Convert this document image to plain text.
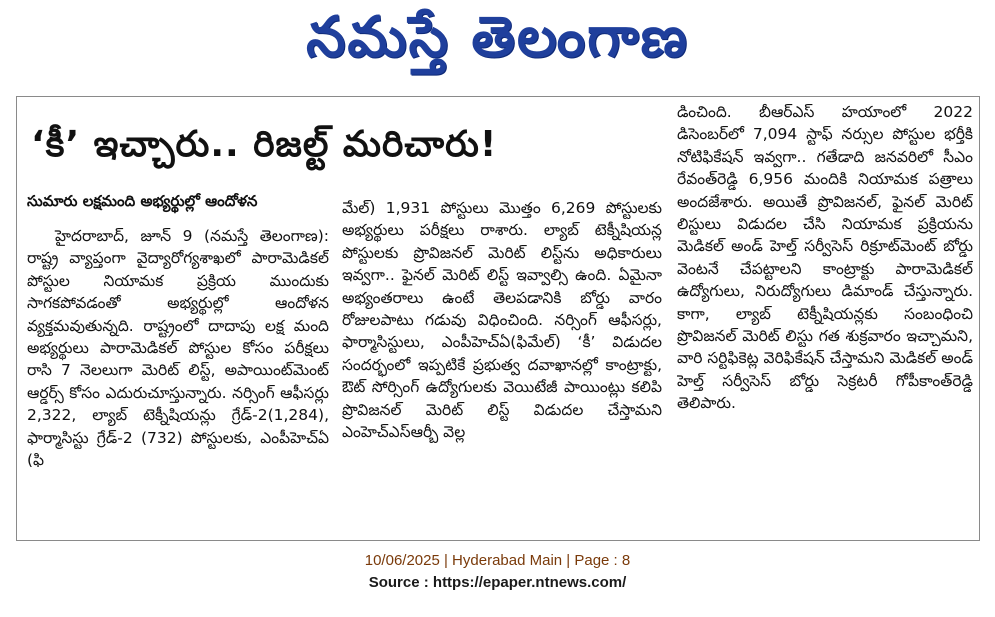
నమస్తే తెలంగాణ
‘కీ’ ఇచ్చారు.. రిజల్ట్ మరిచారు!
సుమారు లక్షమంది అభ్యర్థుల్లో ఆందోళన
హైదరాబాద్, జూన్ 9 (నమస్తే తెలంగాణ): రాష్ట్ర వ్యాప్తంగా వైద్యారోగ్యశాఖలో పారామెడికల్ పోస్టుల నియామక ప్రక్రియ ముందుకు సాగకపోవడంతో అభ్యర్థుల్లో ఆందోళన వ్యక్తమవుతున్నది. రాష్ట్రంలో దాదాపు లక్ష మంది అభ్యర్థులు పారామెడికల్ పోస్టుల కోసం పరీక్షలు రాసి 7 నెలలుగా మెరిట్ లిస్ట్, అపాయింట్‌మెంట్ ఆర్డర్స్ కోసం ఎదురుచూస్తున్నారు. నర్సింగ్ ఆఫీసర్లు 2,322, ల్యాబ్ టెక్నీషియన్లు గ్రేడ్-2(1,284), ఫార్మాసిస్టు గ్రేడ్-2 (732) పోస్టులకు, ఎంపీహెచ్‌ఏ (ఫి
మేల్) 1,931 పోస్టులు మొత్తం 6,269 పోస్టులకు అభ్యర్థులు పరీక్షలు రాశారు. ల్యాబ్ టెక్నీషియన్ల పోస్టులకు ప్రొవిజనల్ మెరిట్ లిస్ట్‌ను అధికారులు ఇవ్వగా.. ఫైనల్ మెరిట్ లిస్ట్ ఇవ్వాల్సి ఉంది. ఏమైనా అభ్యంతరాలు ఉంటే తెలపడానికి బోర్డు వారం రోజులపాటు గడువు విధించింది. నర్సింగ్ ఆఫీసర్లు, ఫార్మాసిస్టులు, ఎంపీహెచ్‌ఏ(ఫిమేల్) ‘కీ’ విడుదల సందర్భంలో ఇప్పటికే ప్రభుత్వ దవాఖానల్లో కాంట్రాక్టు, ఔట్ సోర్సింగ్ ఉద్యోగులకు వెయిటేజీ పాయింట్లు కలిపి ప్రొవిజనల్ మెరిట్ లిస్ట్ విడుదల చేస్తామని ఎంహెచ్ఎస్ఆర్బీ వెల్ల
డించింది. బీఆర్ఎస్ హయాంలో 2022 డిసెంబర్‌లో 7,094 స్టాఫ్ నర్సుల పోస్టుల భర్తీకి నోటిఫికేషన్ ఇవ్వగా.. గతేడాది జనవరిలో సీఎం రేవంత్‌రెడ్డి 6,956 మందికి నియామక పత్రాలు అందజేశారు. అయితే ప్రొవిజనల్, ఫైనల్ మెరిట్ లిస్టులు విడుదల చేసి నియామక ప్రక్రియను మెడికల్ అండ్ హెల్త్ సర్వీసెస్ రిక్రూట్‌మెంట్ బోర్డు వెంటనే చేపట్టాలని కాంట్రాక్టు పారామెడికల్ ఉద్యోగులు, నిరుద్యోగులు డిమాండ్ చేస్తున్నారు. కాగా, ల్యాబ్ టెక్నీషియన్లకు సంబంధించి ప్రొవిజనల్ మెరిట్ లిస్టు గత శుక్రవారం ఇచ్చామని, వారి సర్టిఫికెట్ల వెరిఫికేషన్ చేస్తామని మెడికల్ అండ్ హెల్త్ సర్వీసెస్ బోర్డు సెక్రటరీ గోపీకాంత్‌రెడ్డి తెలిపారు.
10/06/2025 | Hyderabad Main | Page : 8
Source : https://epaper.ntnews.com/
